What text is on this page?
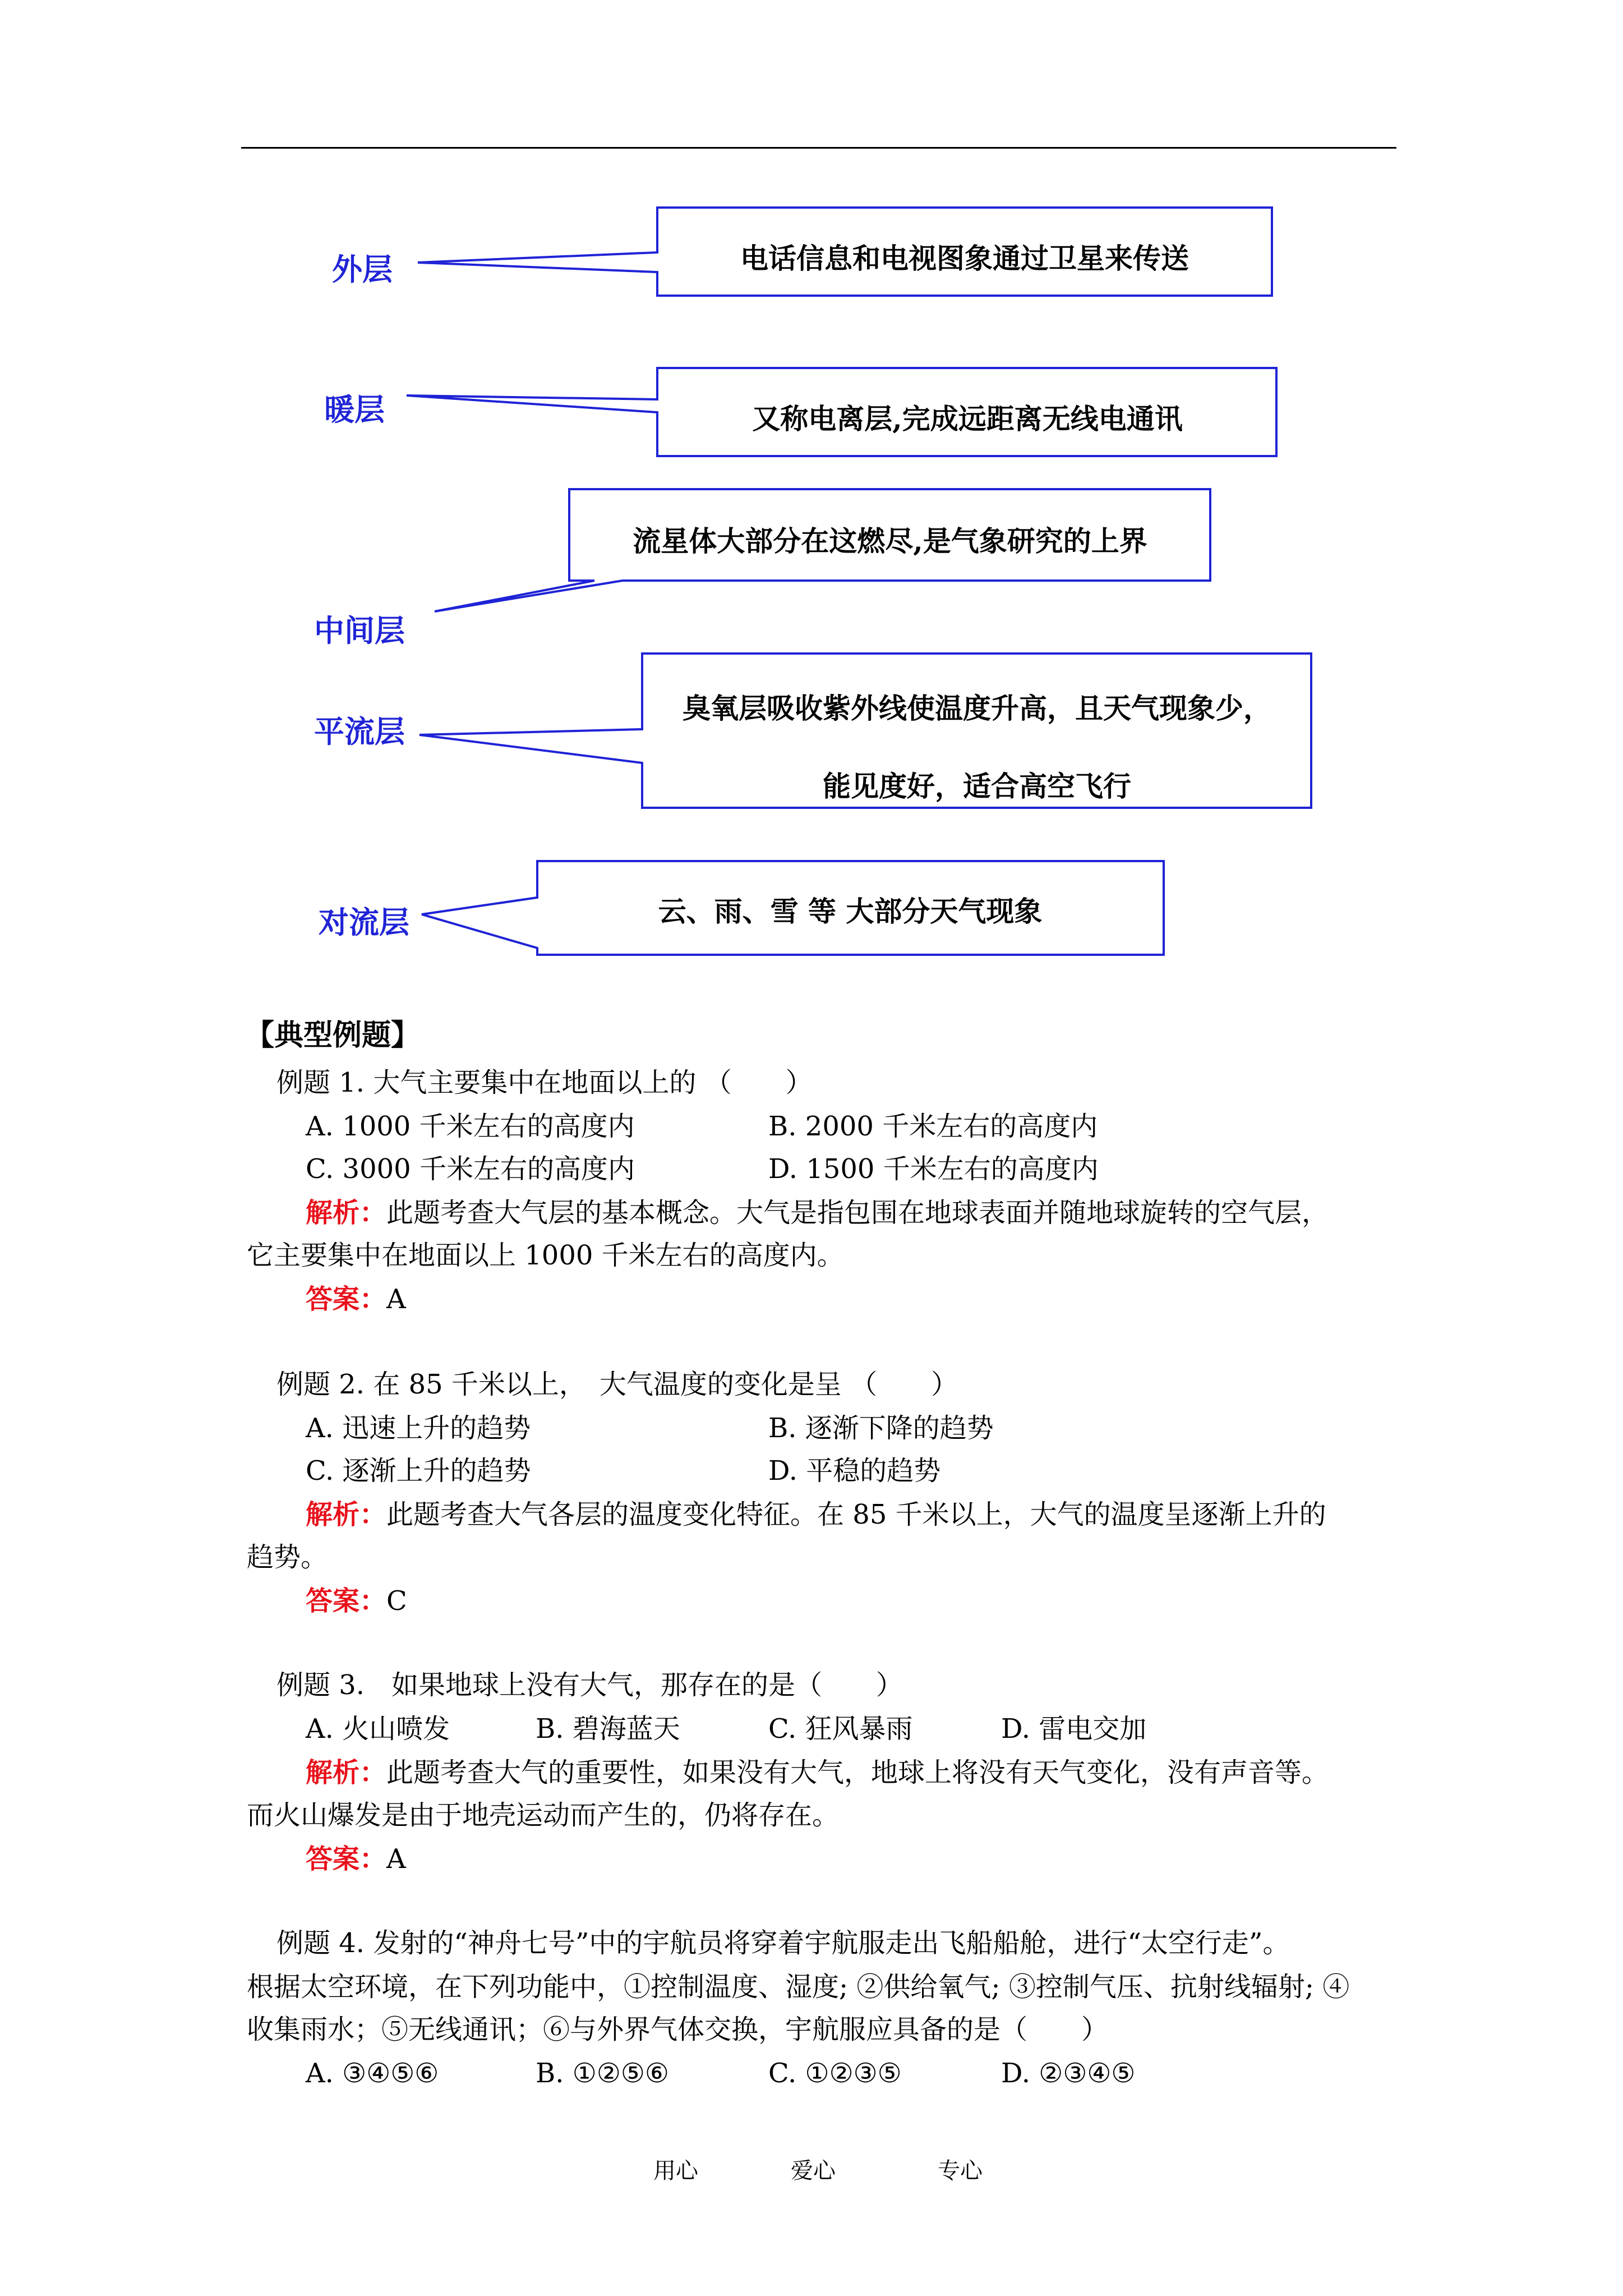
外层
暖层
中间层
平流层
对流层
电话信息和电视图象通过卫星来传送
又称电离层,完成远距离无线电通讯
流星体大部分在这燃尽,是气象研究的上界
臭氧层吸收紫外线使温度升高，且天气现象少，
能见度好，适合高空飞行
云、雨、雪 等 大部分天气现象
【典型例题】
例题 1. 大气主要集中在地面以上的 （　　）
A. 1000 千米左右的高度内	B. 2000 千米左右的高度内
C. 3000 千米左右的高度内	D. 1500 千米左右的高度内
解析：此题考查大气层的基本概念。大气是指包围在地球表面并随地球旋转的空气层，
它主要集中在地面以上 1000 千米左右的高度内。
答案：A
例题 2. 在 85 千米以上，　大气温度的变化是呈 （　　）
A. 迅速上升的趋势	B. 逐渐下降的趋势
C. 逐渐上升的趋势	D. 平稳的趋势
解析：此题考查大气各层的温度变化特征。在 85 千米以上，大气的温度呈逐渐上升的
趋势。
答案：C
例题 3.　如果地球上没有大气，那存在的是（　　）
A. 火山喷发	B. 碧海蓝天	C. 狂风暴雨	D. 雷电交加
解析：此题考查大气的重要性，如果没有大气，地球上将没有天气变化，没有声音等。
而火山爆发是由于地壳运动而产生的，仍将存在。
答案：A
例题 4. 发射的“神舟七号”中的宇航员将穿着宇航服走出飞船船舱，进行“太空行走”。
根据太空环境，在下列功能中，①控制温度、湿度; ②供给氧气; ③控制气压、抗射线辐射; ④
收集雨水；⑤无线通讯；⑥与外界气体交换，宇航服应具备的是（　　）
A. ③④⑤⑥	B. ①②⑤⑥	C. ①②③⑤	D. ②③④⑤
用心	爱心	专心
